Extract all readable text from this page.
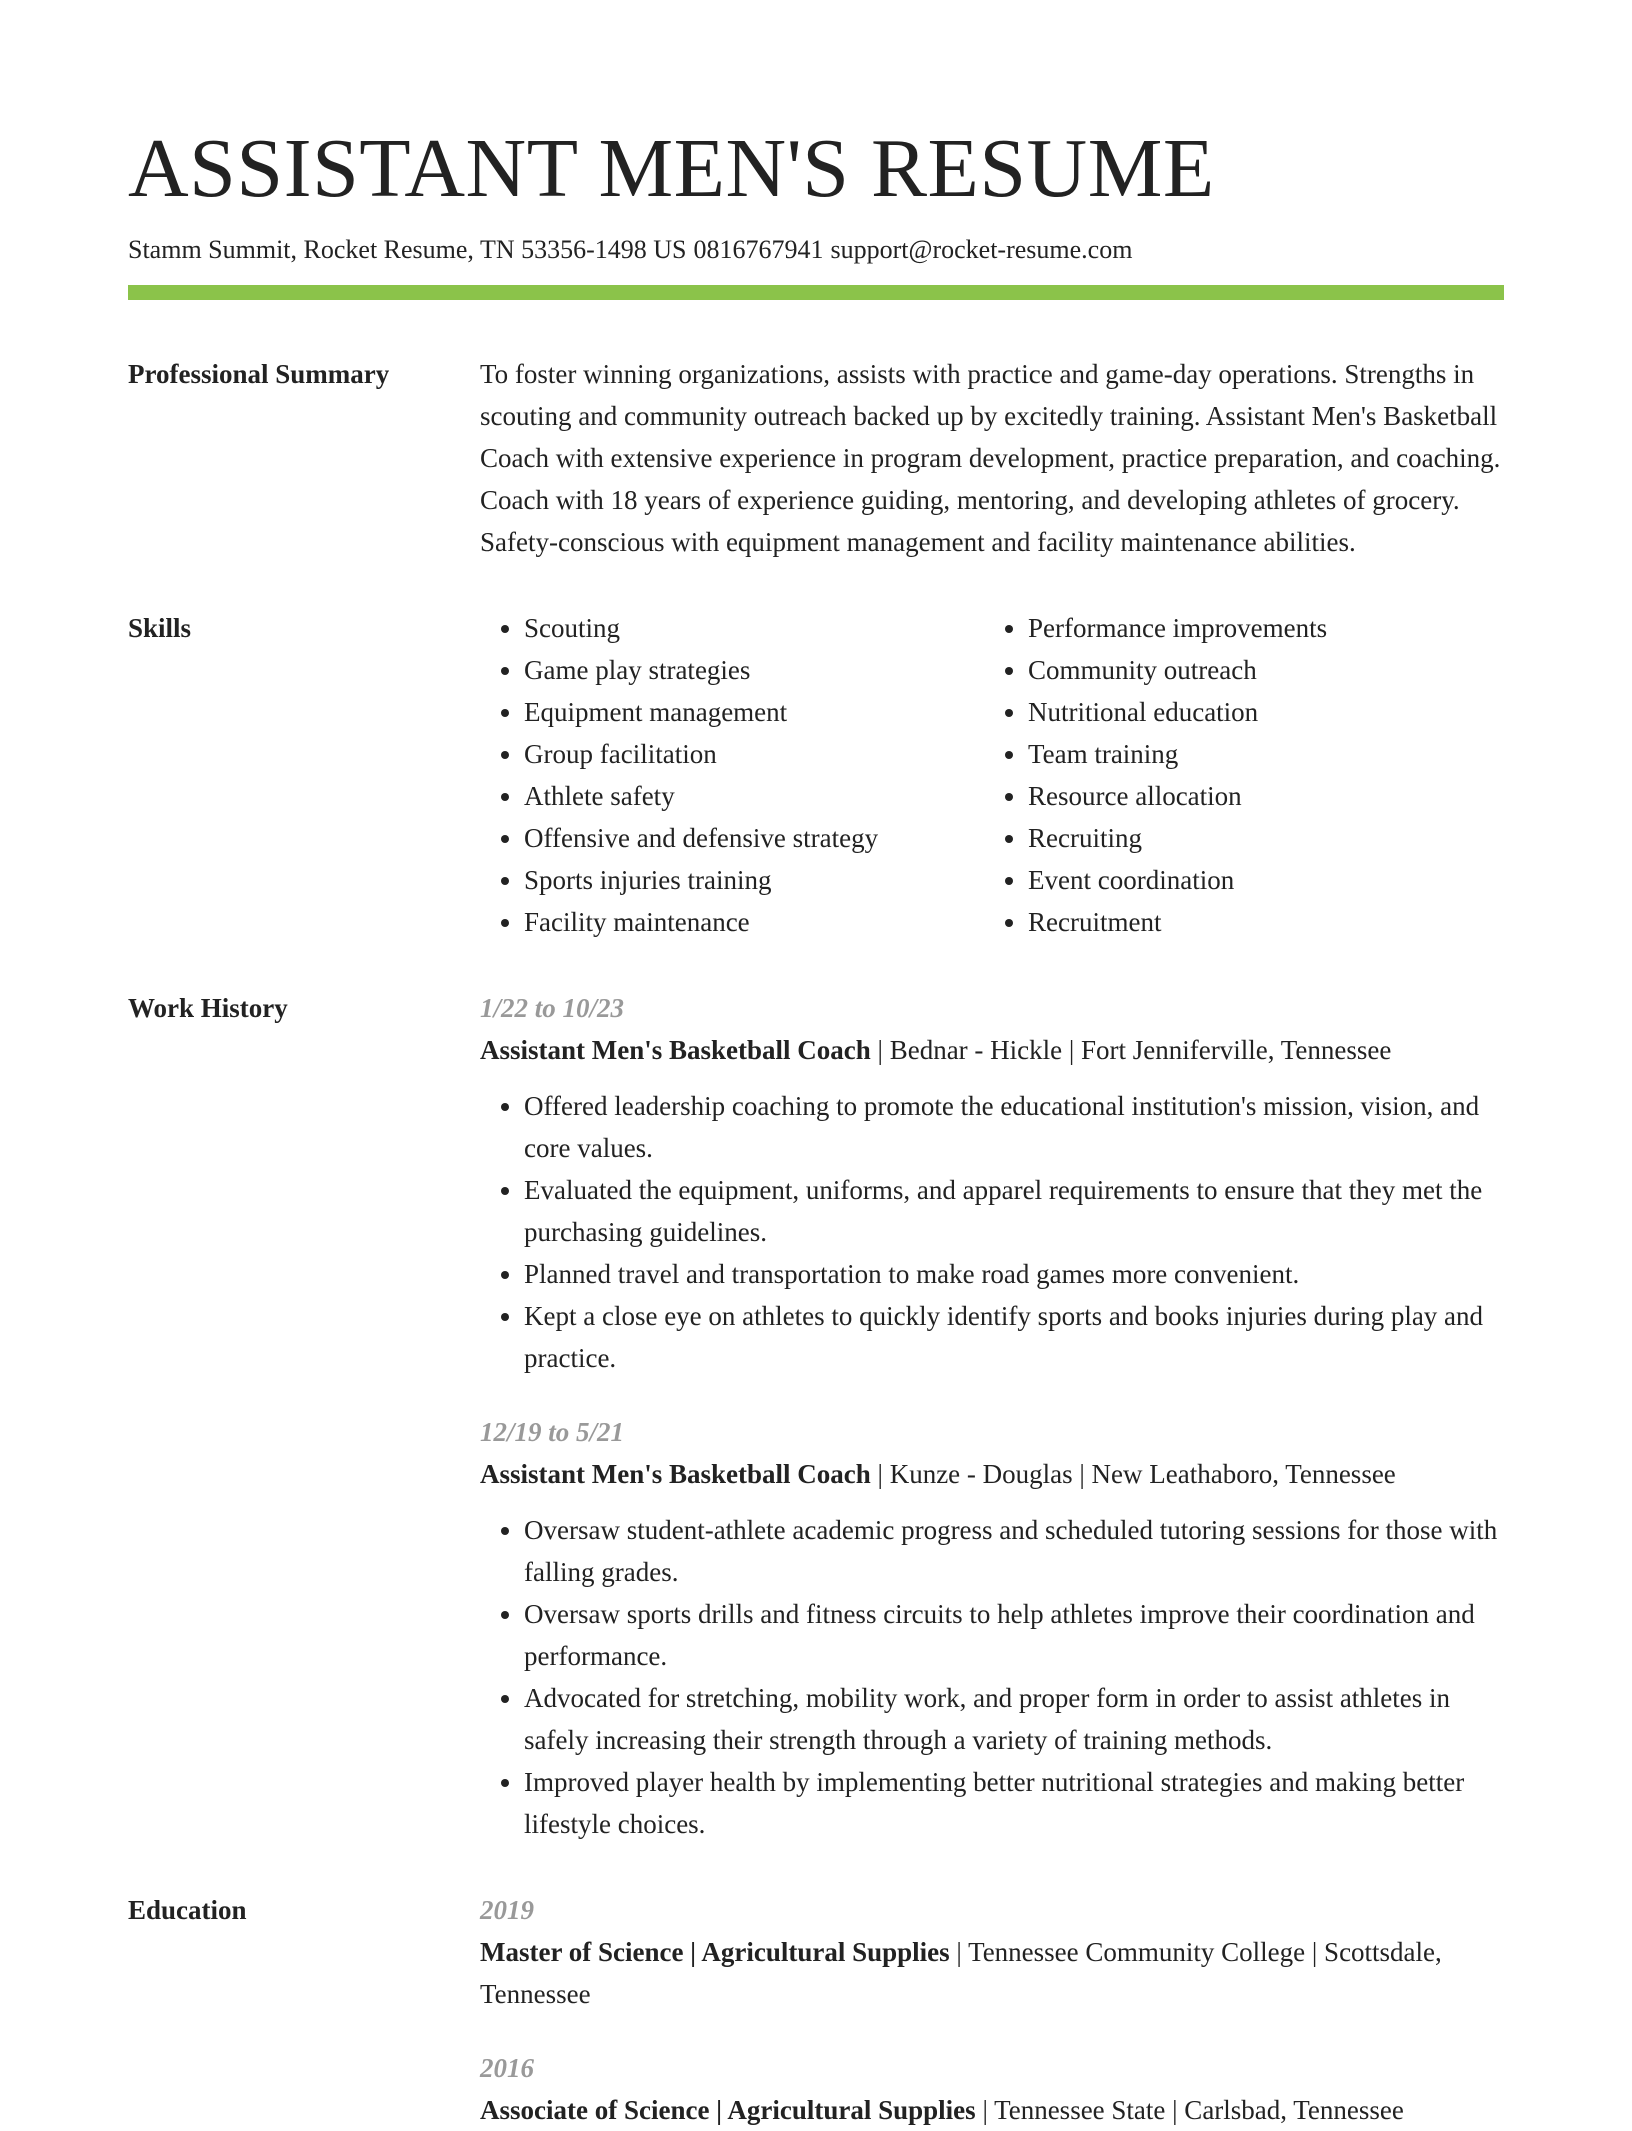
ASSISTANT MEN'S RESUME
Stamm Summit, Rocket Resume, TN 53356-1498 US 0816767941 support@rocket-resume.com
Professional Summary	To foster winning organizations, assists with practice and game-day operations. Strengths in scouting and community outreach backed up by excitedly training. Assistant Men's Basketball Coach with extensive experience in program development, practice preparation, and coaching. Coach with 18 years of experience guiding, mentoring, and developing athletes of grocery. Safety-conscious with equipment management and facility maintenance abilities.

Skills
•	Scouting
• Game play strategies
• Equipment management
• Group facilitation
• Athlete safety
• Offensive and defensive strategy
• Sports injuries training
• Facility maintenance
• Performance improvements
• Community outreach
• Nutritional education
• Team training
• Resource allocation
• Recruiting
• Event coordination
• Recruitment
Work History	1/22 to 10/23
Assistant Men's Basketball Coach | Bednar - Hickle | Fort Jenniferville, Tennessee
• Offered leadership coaching to promote the educational institution's mission, vision, and core values.
• Evaluated the equipment, uniforms, and apparel requirements to ensure that they met the purchasing guidelines.
• Planned travel and transportation to make road games more convenient.
• Kept a close eye on athletes to quickly identify sports and books injuries during play and practice.
12/19 to 5/21
Assistant Men's Basketball Coach | Kunze - Douglas | New Leathaboro, Tennessee
• Oversaw student-athlete academic progress and scheduled tutoring sessions for those with falling grades.
• Oversaw sports drills and fitness circuits to help athletes improve their coordination and performance.
• Advocated for stretching, mobility work, and proper form in order to assist athletes in safely increasing their strength through a variety of training methods.
• Improved player health by implementing better nutritional strategies and making better lifestyle choices.
Education	2019
Master of Science | Agricultural Supplies | Tennessee Community College | Scottsdale, Tennessee
2016
Associate of Science | Agricultural Supplies | Tennessee State | Carlsbad, Tennessee
